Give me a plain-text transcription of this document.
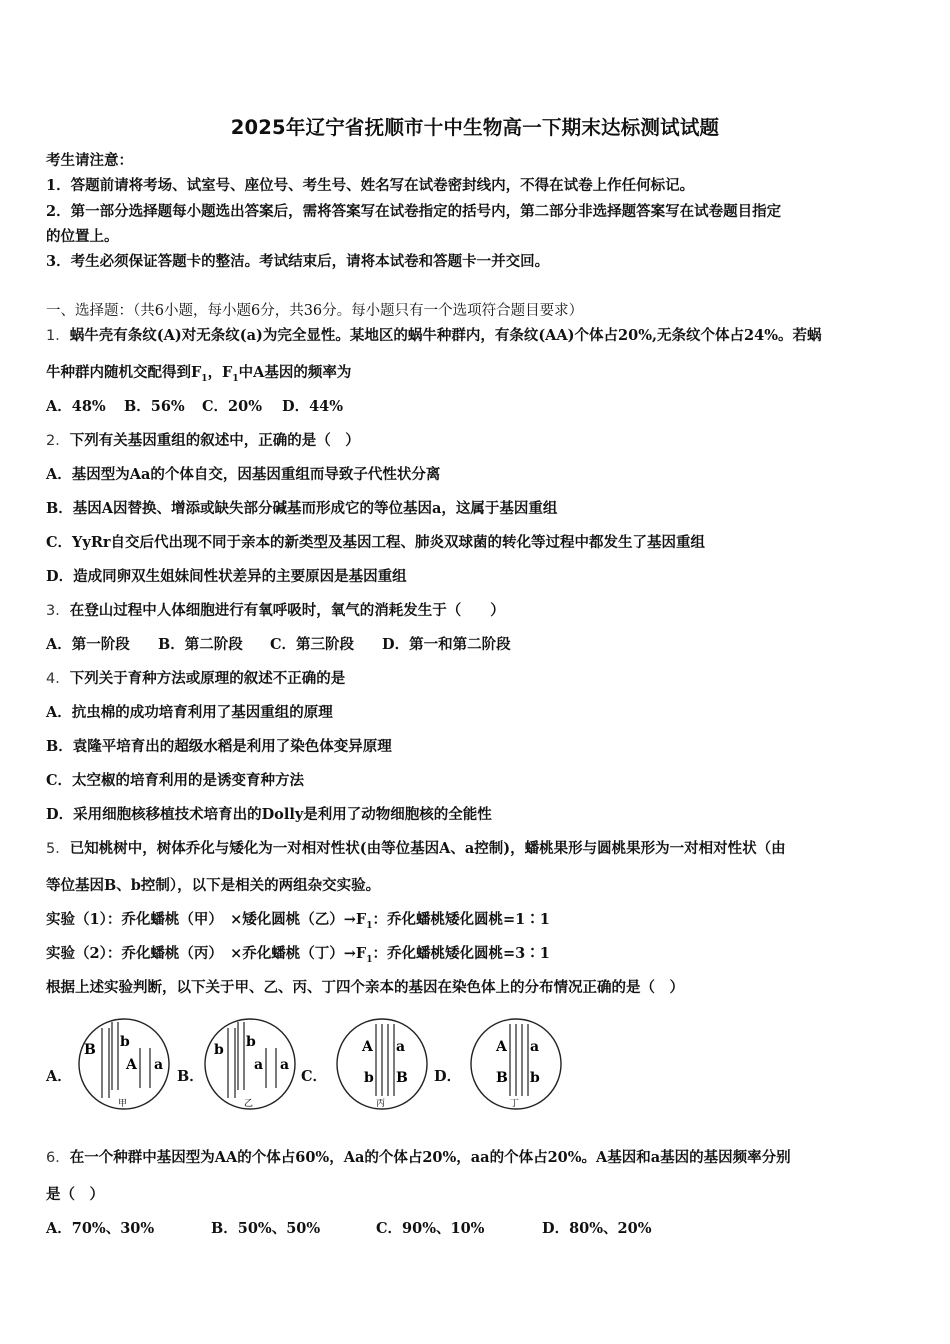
2025年辽宁省抚顺市十中生物高一下期末达标测试试题
考生请注意：
1．答题前请将考场、试室号、座位号、考生号、姓名写在试卷密封线内，不得在试卷上作任何标记。
2．第一部分选择题每小题选出答案后，需将答案写在试卷指定的括号内，第二部分非选择题答案写在试卷题目指定
的位置上。
3．考生必须保证答题卡的整洁。考试结束后，请将本试卷和答题卡一并交回。
一、选择题：（共6小题，每小题6分，共36分。每小题只有一个选项符合题目要求）
1．蜗牛壳有条纹(A)对无条纹(a)为完全显性。某地区的蜗牛种群内，有条纹(AA)个体占20%,无条纹个体占24%。若蜗
牛种群内随机交配得到$F_1$，$F_1$中A基因的频率为
A．48% B．56% C．20% D．44%
2．下列有关基因重组的叙述中，正确的是（　）
A．基因型为Aa的个体自交，因基因重组而导致子代性状分离
B．基因A因替换、增添或缺失部分碱基而形成它的等位基因a，这属于基因重组
C．YyRr自交后代出现不同于亲本的新类型及基因工程、肺炎双球菌的转化等过程中都发生了基因重组
D．造成同卵双生姐妹间性状差异的主要原因是基因重组
3．在登山过程中人体细胞进行有氧呼吸时，氧气的消耗发生于（　　）
A．第一阶段 B．第二阶段 C．第三阶段 D．第一和第二阶段
4．下列关于育种方法或原理的叙述不正确的是
A．抗虫棉的成功培育利用了基因重组的原理
B．袁隆平培育出的超级水稻是利用了染色体变异原理
C．太空椒的培育利用的是诱变育种方法
D．采用细胞核移植技术培育出的Dolly是利用了动物细胞核的全能性
5．已知桃树中，树体乔化与矮化为一对相对性状(由等位基因A、a控制)，蟠桃果形与圆桃果形为一对相对性状（由
等位基因B、b控制），以下是相关的两组杂交实验。
实验（1）：乔化蟠桃（甲）　×矮化圆桃（乙）$\to F_1$：乔化蟠桃矮化圆桃=1∶1
实验（2）：乔化蟠桃（丙）　×乔化蟠桃（丁）$\to F_1$：乔化蟠桃矮化圆桃=3∶1
根据上述实验判断，以下关于甲、乙、丙、丁四个亲本的基因在染色体上的分布情况正确的是（　）
A．
B b
A a
甲
B．
b b
a a
乙
C．
A a
b B
丙
D．
A a
B b
丁
6．在一个种群中基因型为AA的个体占60%，Aa的个体占20%，aa的个体占20%。A基因和a基因的基因频率分别
是（　）
A．70%、30%	B．50%、50%	C．90%、10%	D．80%、20%
